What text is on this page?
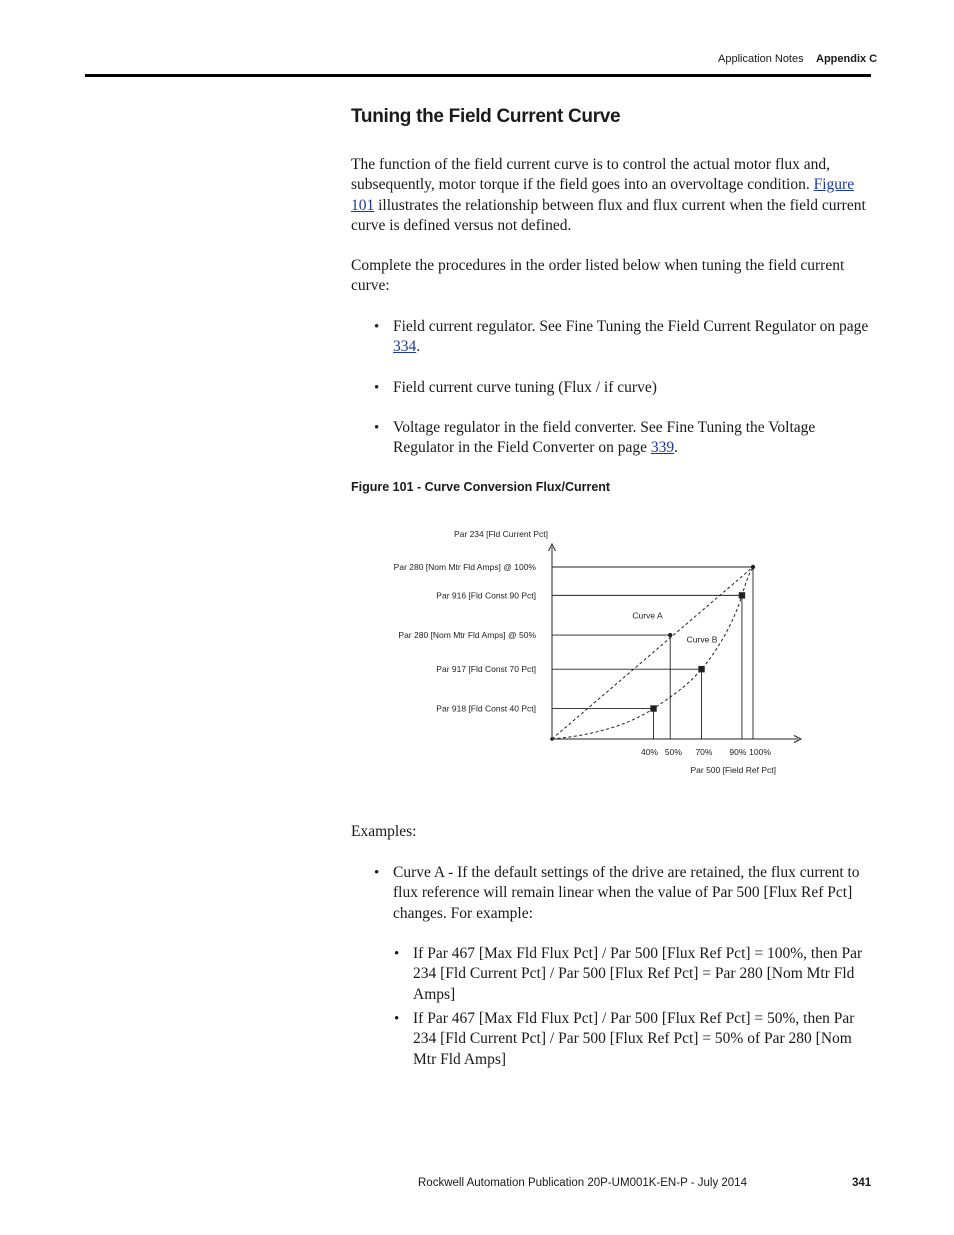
Application Notes Appendix C
Tuning the Field Current Curve

The function of the field current curve is to control the actual motor flux and, subsequently, motor torque if the field goes into an overvoltage condition. Figure 101 illustrates the relationship between flux and flux current when the field current curve is defined versus not defined.

Complete the procedures in the order listed below when tuning the field current curve:

• Field current regulator. See Fine Tuning the Field Current Regulator on page 334.
• Field current curve tuning (Flux / if curve)
• Voltage regulator in the field converter. See Fine Tuning the Voltage Regulator in the Field Converter on page 339.

Figure 101 - Curve Conversion Flux/Current

Par 234 [Fld Current Pct]
Par 500 [Field Ref Pct]
Par 280 [Nom Mtr Fld Amps] @ 100%
Par 916 [Fld Const 90 Pct]
Par 280 [Nom Mtr Fld Amps] @ 50%
Par 917 [Fld Const 70 Pct]
Par 918 [Fld Const 40 Pct]
40% 50% 70% 90% 100%
Curve A
Curve B

Examples:

• Curve A - If the default settings of the drive are retained, the flux current to flux reference will remain linear when the value of Par 500 [Flux Ref Pct] changes. For example:
• If Par 467 [Max Fld Flux Pct] / Par 500 [Flux Ref Pct] = 100%, then Par 234 [Fld Current Pct] / Par 500 [Flux Ref Pct] = Par 280 [Nom Mtr Fld Amps]
• If Par 467 [Max Fld Flux Pct] / Par 500 [Flux Ref Pct] = 50%, then Par 234 [Fld Current Pct] / Par 500 [Flux Ref Pct] = 50% of Par 280 [Nom Mtr Fld Amps]
Rockwell Automation Publication 20P-UM001K-EN-P - July 2014	341
